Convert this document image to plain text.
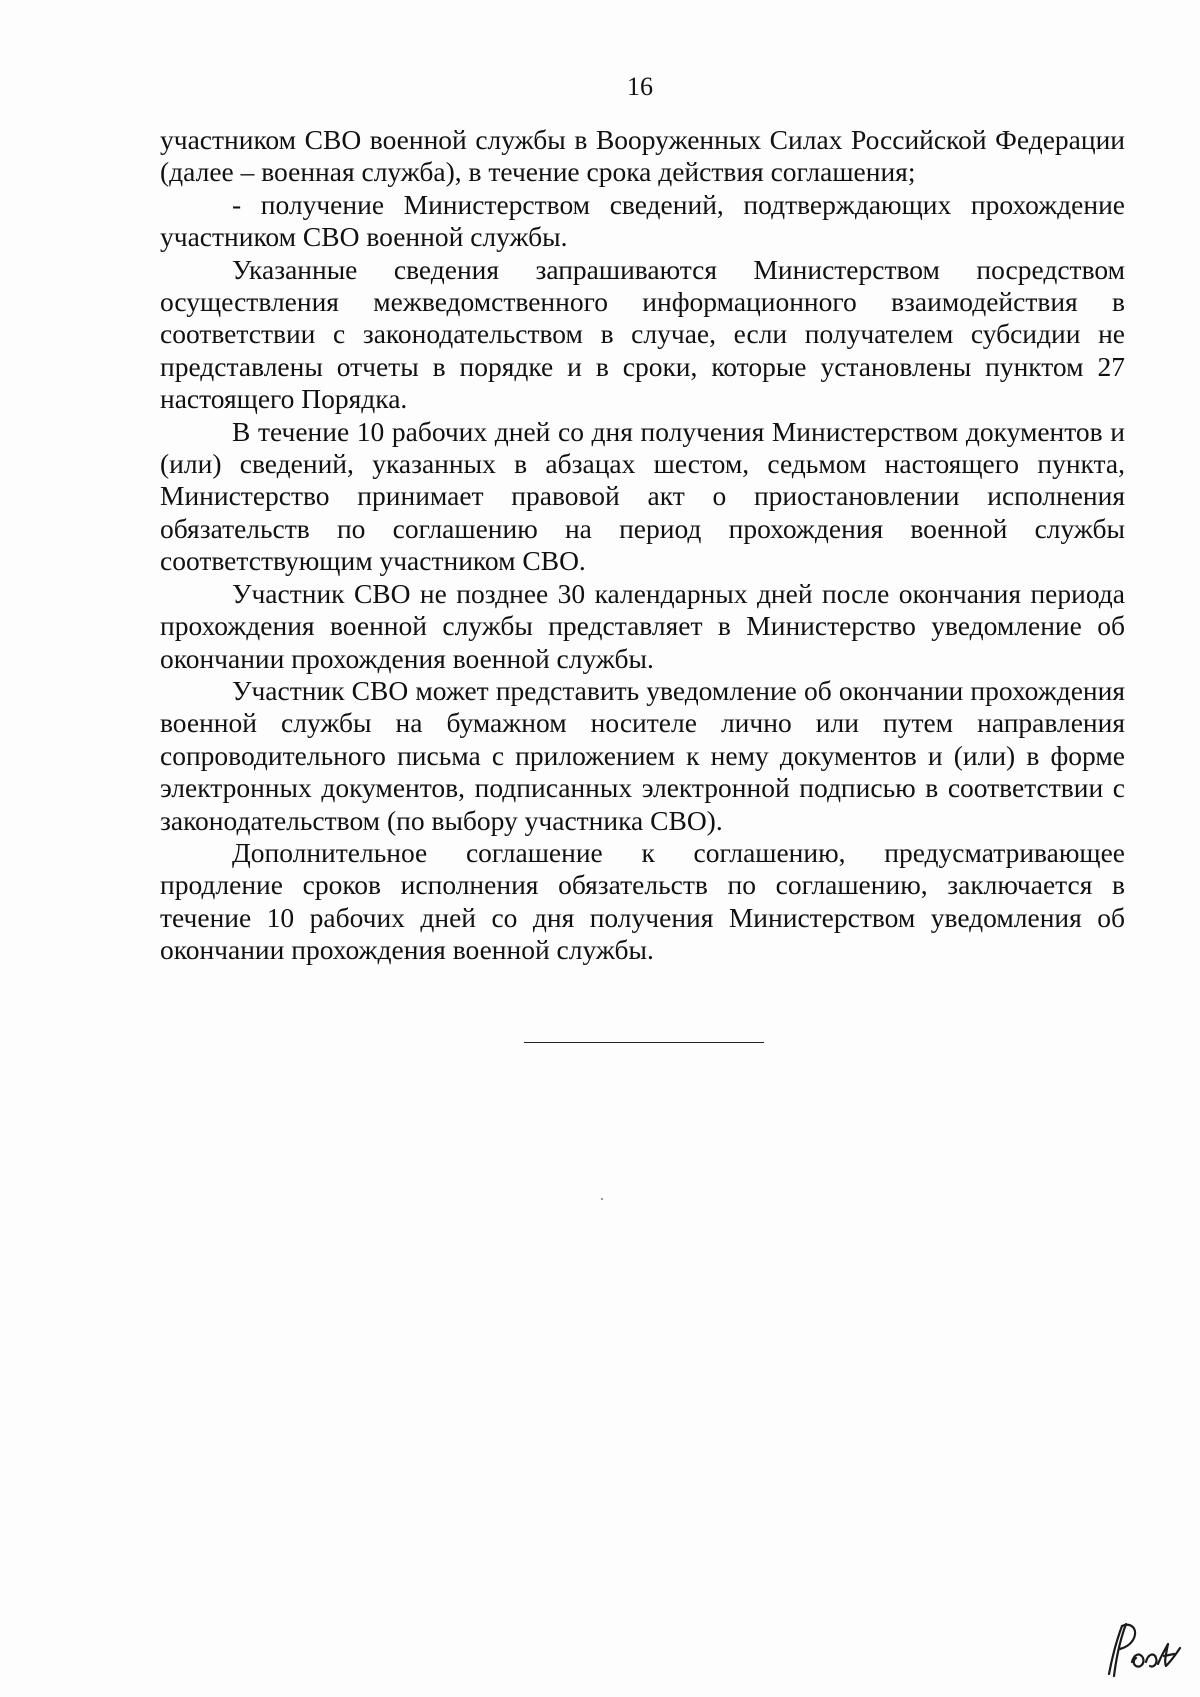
16

участником СВО военной службы в Вооруженных Силах Российской Федерации (далее – военная служба), в течение срока действия соглашения;

- получение Министерством сведений, подтверждающих прохождение участником СВО военной службы.

Указанные сведения запрашиваются Министерством посредством осуществления межведомственного информационного взаимодействия в соответствии с законодательством в случае, если получателем субсидии не представлены отчеты в порядке и в сроки, которые установлены пунктом 27 настоящего Порядка.

В течение 10 рабочих дней со дня получения Министерством документов и (или) сведений, указанных в абзацах шестом, седьмом настоящего пункта, Министерство принимает правовой акт о приостановлении исполнения обязательств по соглашению на период прохождения военной службы соответствующим участником СВО.

Участник СВО не позднее 30 календарных дней после окончания периода прохождения военной службы представляет в Министерство уведомление об окончании прохождения военной службы.

Участник СВО может представить уведомление об окончании прохождения военной службы на бумажном носителе лично или путем направления сопроводительного письма с приложением к нему документов и (или) в форме электронных документов, подписанных электронной подписью в соответствии с законодательством (по выбору участника СВО).

Дополнительное соглашение к соглашению, предусматривающее продление сроков исполнения обязательств по соглашению, заключается в течение 10 рабочих дней со дня получения Министерством уведомления об окончании прохождения военной службы.
